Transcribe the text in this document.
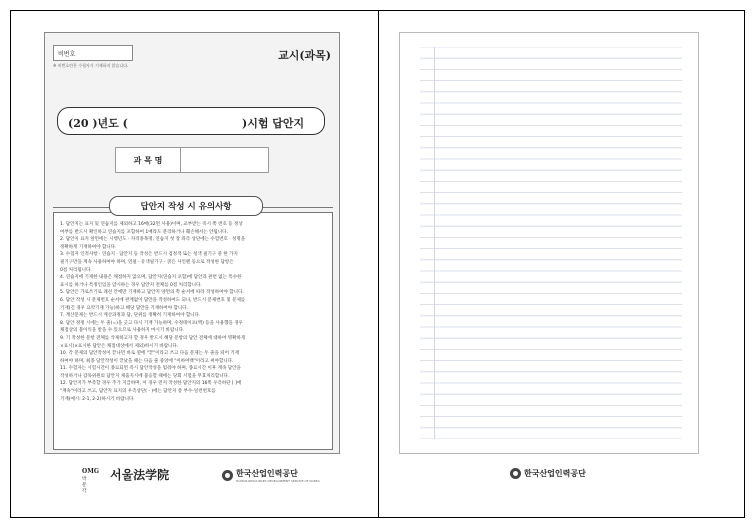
비번호
※ 비번호란은 수험자가 기재하지 않습니다.
교시(과목)
(20 )년도 (	)시험 답안지
과 목 명
1. 답안지는 표지 및 연습지를 제외하고 16매(32면 사용)이며, 교부받는 즉시 쪽 번호 등 정상
여부를 반드시 확인하고 연습지를 포함하여 1매라도 분리하거나 훼손해서는 안됩니다.
2. 답안지 표지 앞면에는 시행년도 · 자격종목명, 연습지 첫 장 좌측 상단에는 수험번호 · 성명을
정확하게 기재하여야 합니다.
3. 수험자 인적사항 · 연습지 · 답안지 등 작성은 반드시 검정색 또는 청색 필기구 중 한 가지
필기구만을 계속 사용하여야 하며, 연필 · 유색필기구 · 굵은 사인펜 등으로 작성한 답항은
0점 처리됩니다.
4. 연습지에 기재한 내용은 채점하지 않으며, 답안지(연습지 포함)에 답안과 관련 없는 특수한
표시를 하거나 특정인임을 암시하는 경우 답안지 전체를 0점 처리합니다.
5. 답안은 가로쓰기로 괘선 안에만 기재하고 답안지 양면의 쪽 순서에 따라 작성하여야 합니다.
6. 답안 작성 시 문제번호 순서에 관계없이 답안을 작성하여도 되나, 반드시 문제번호 및 문제를
기재(긴 경우 요약기재 가능)하고 해당 답안을 기재하여야 합니다.
7. 계산문제는 반드시 계산과정과 답, 단위를 정확히 기재하여야 합니다.
8. 답안 정정 시에는 두 줄(=)을 긋고 다시 기재 가능하며, 수정테이프(액) 등을 사용했을 경우
채점상의 불이익을 받을 수 있으므로 사용하지 마시기 바랍니다.
9. 기 작성한 문항 전체를 삭제하고자 할 경우 반드시 해당 문항의 답안 전체에 대하여 명확하게
×표시(×표시한 답안은 채점대상에서 제외)하시기 바랍니다.
10. 각 문제의 답안작성이 끝나면 바로 옆에 "끝"이라고 쓰고 다음 문제는 두 줄을 띄어 기재
하여야 하며, 최종 답안작성이 끝났을 때는 다음 줄 중앙에 "이하여백"이라고 써야합니다.
11. 수험자는 시험시간이 종료되면 즉시 답안작성을 멈춰야 하며, 종료시간 이후 계속 답안을
작성하거나 감독위원의 답안지 제출지시에 불응할 때에는 당회 시험을 무효처리합니다.
12. 답안지가 부족할 경우 추가 지급하며, 이 경우 먼저 작성한 답안지의 16쪽 우측하단 [ ]에
"계속"이라고 쓰고, 답안지 표지의 우측상단( - )에는 답안지 총 부수-일련번호를
기재(예시: 2-1, 2-2)하시기 바랍니다.
답안지 작성 시 유의사항
OMG
박문각
서울法学院	한국산업인력공단
HUMAN RESOURCES DEVELOPMENT SERVICE OF KOREA
한국산업인력공단
